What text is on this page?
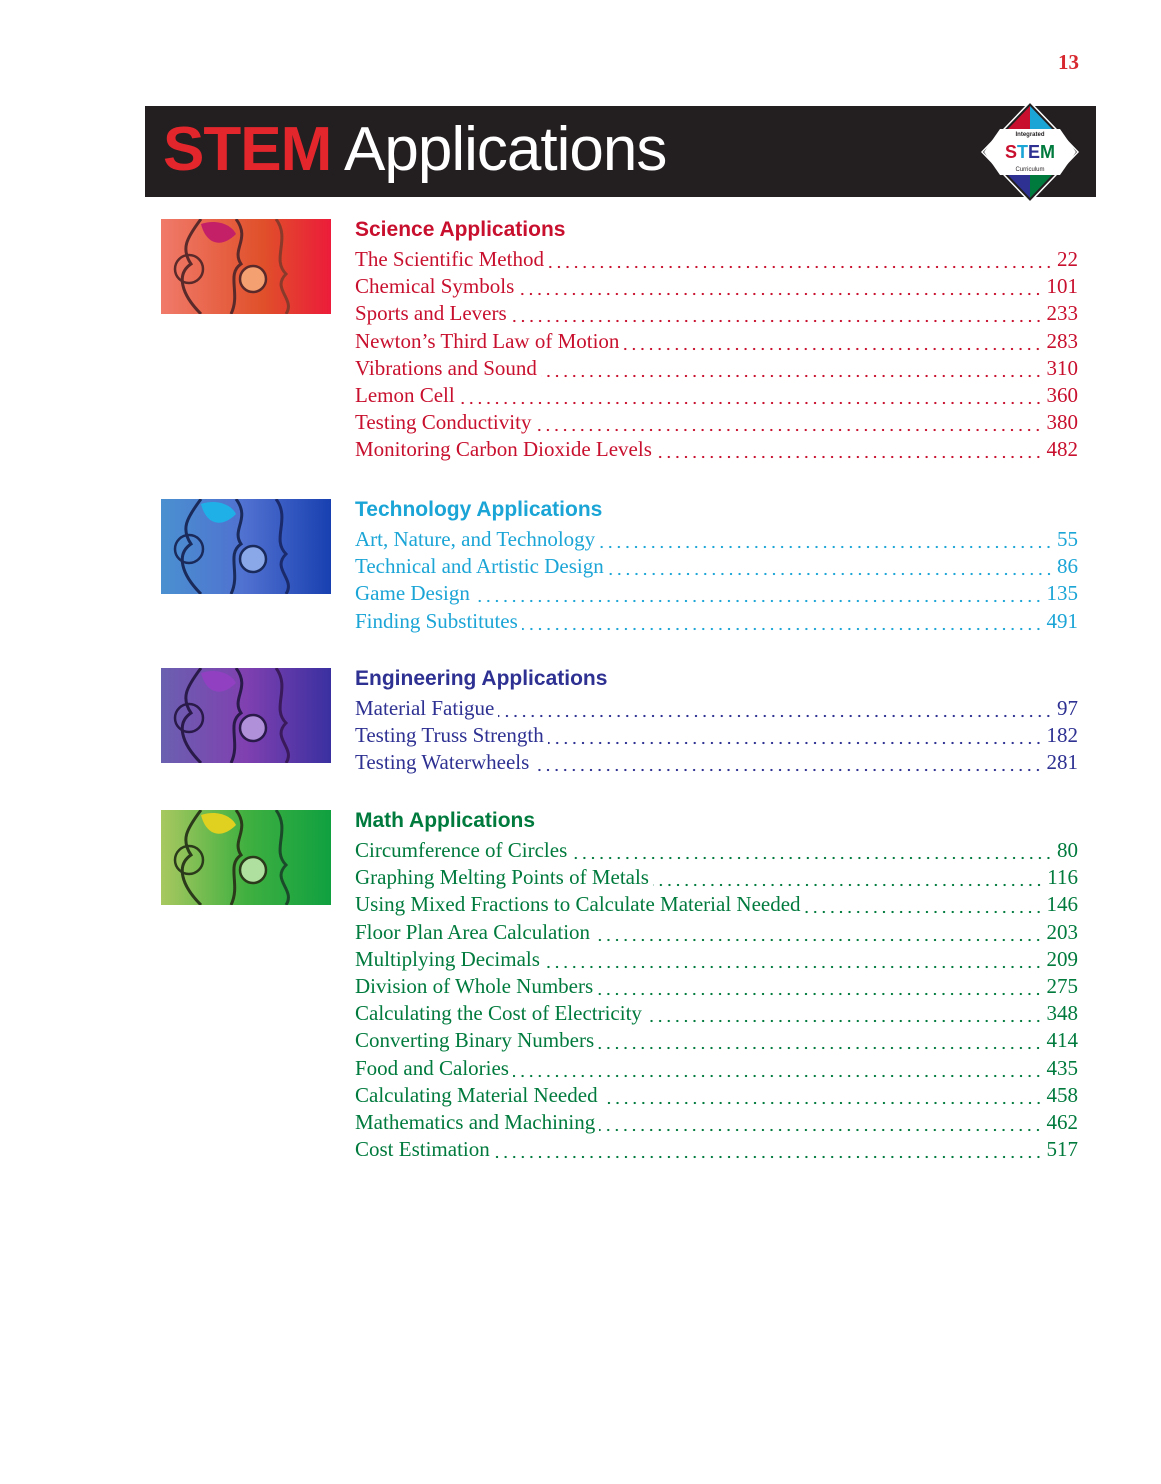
13
STEM Applications	Integrated
STEM
Curriculum
Science Applications
The Scientific Method	22
Chemical Symbols	101
Sports and Levers	233
Newton’s Third Law of Motion	283
Vibrations and Sound	310
Lemon Cell	360
Testing Conductivity	380
Monitoring Carbon Dioxide Levels	482
Technology Applications
Art, Nature, and Technology	55
Technical and Artistic Design	86
Game Design	135
Finding Substitutes	491
Engineering Applications
Material Fatigue	97
Testing Truss Strength	182
Testing Waterwheels	281
Math Applications
Circumference of Circles	80
Graphing Melting Points of Metals	116
Using Mixed Fractions to Calculate Material Needed	146
Floor Plan Area Calculation	203
Multiplying Decimals	209
Division of Whole Numbers	275
Calculating the Cost of Electricity	348
Converting Binary Numbers	414
Food and Calories	435
Calculating Material Needed	458
Mathematics and Machining	462
Cost Estimation	517
